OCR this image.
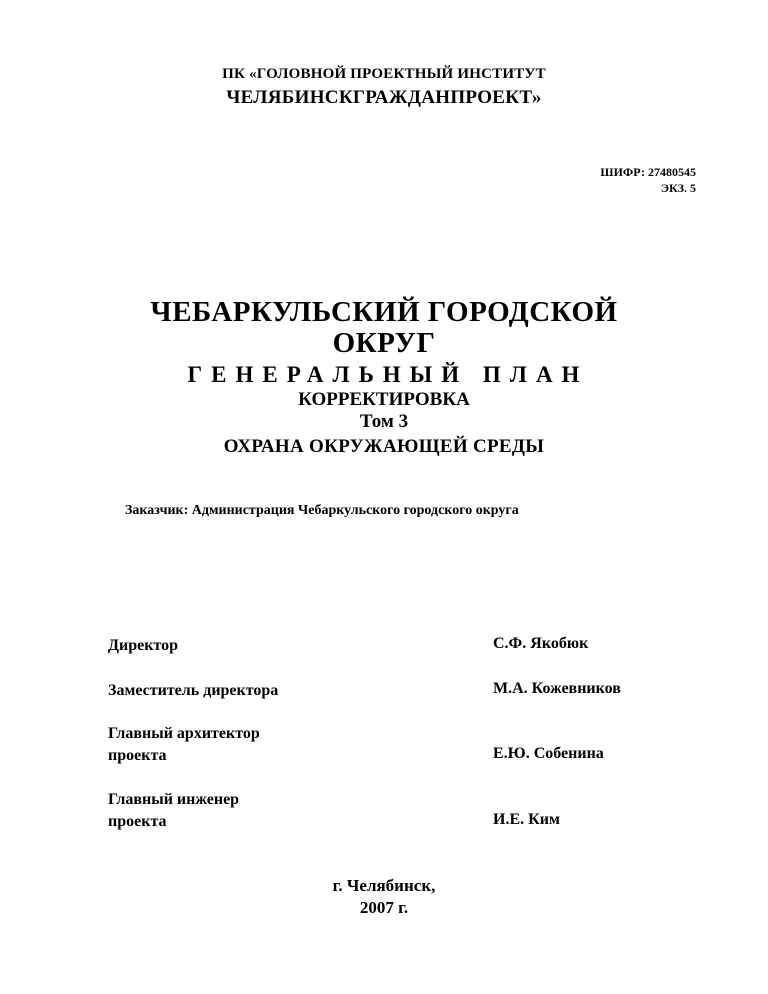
ПК «ГОЛОВНОЙ ПРОЕКТНЫЙ ИНСТИТУТ
ЧЕЛЯБИНСКГРАЖДАНПРОЕКТ»
ШИФР: 27480545
ЭКЗ. 5
ЧЕБАРКУЛЬСКИЙ ГОРОДСКОЙ
ОКРУГ
ГЕНЕРАЛЬНЫЙ ПЛАН
КОРРЕКТИРОВКА
Том 3
ОХРАНА ОКРУЖАЮЩЕЙ СРЕДЫ
Заказчик: Администрация Чебаркульского городского округа
Директор	С.Ф. Якобюк
Заместитель директора	М.А. Кожевников
Главный архитектор
проекта	Е.Ю. Собенина
Главный инженер
проекта	И.Е. Ким
г. Челябинск,
2007 г.
